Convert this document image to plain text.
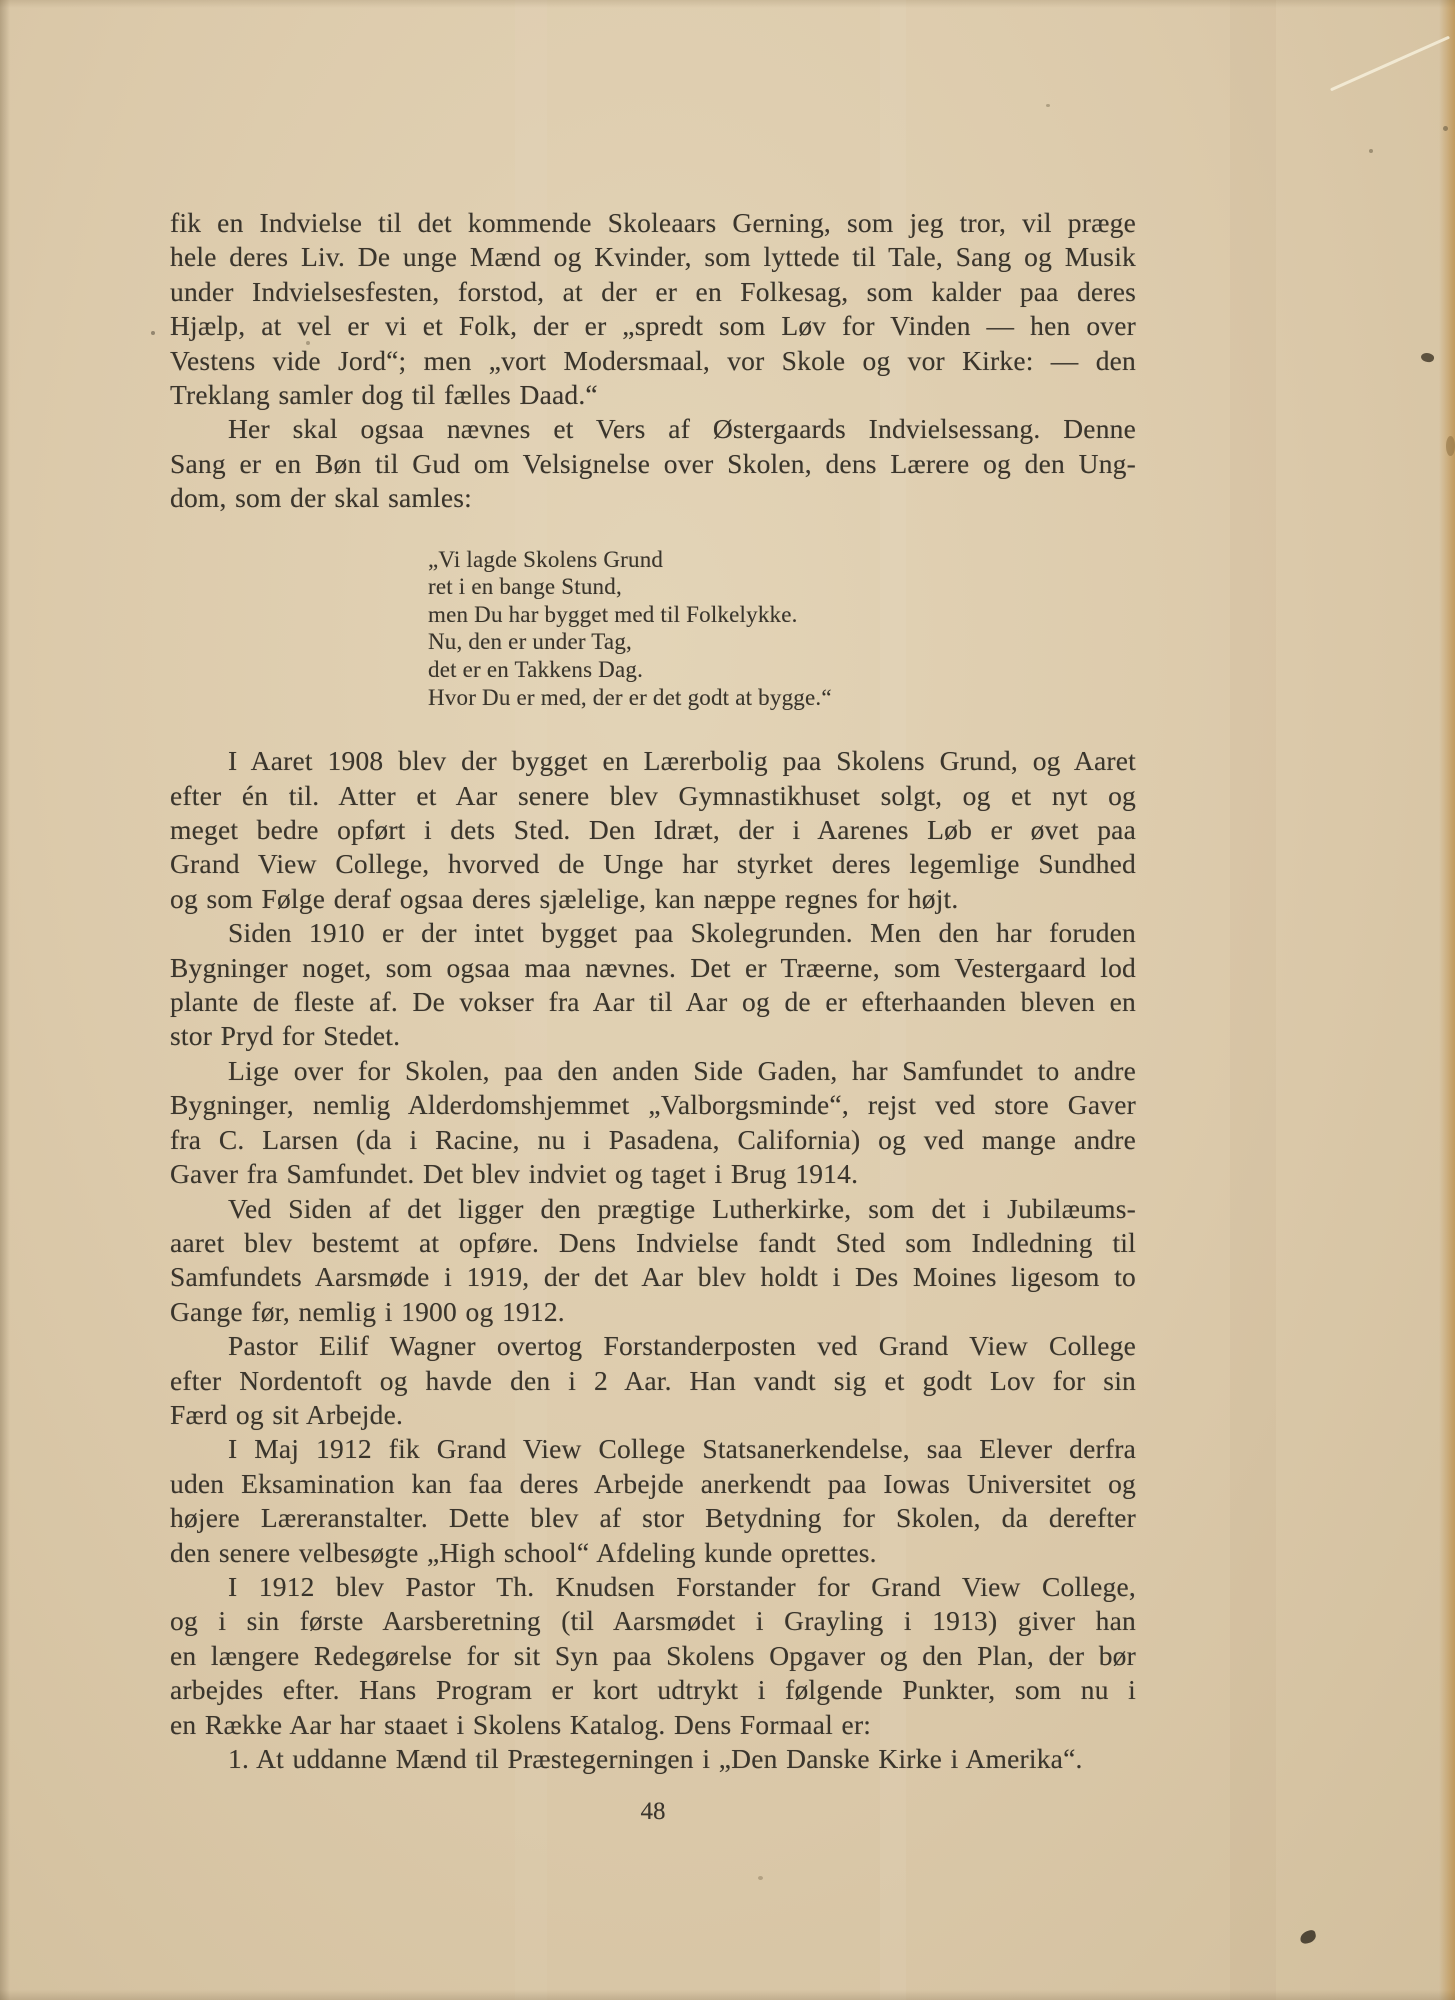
fik en Indvielse til det kommende Skoleaars Gerning, som jeg tror, vil præge
hele deres Liv. De unge Mænd og Kvinder, som lyttede til Tale, Sang og Musik
under Indvielsesfesten, forstod, at der er en Folkesag, som kalder paa deres
Hjælp, at vel er vi et Folk, der er „spredt som Løv for Vinden — hen over
Vestens vide Jord“; men „vort Modersmaal, vor Skole og vor Kirke: — den
Treklang samler dog til fælles Daad.“
Her skal ogsaa nævnes et Vers af Østergaards Indvielsessang. Denne
Sang er en Bøn til Gud om Velsignelse over Skolen, dens Lærere og den Ung-
dom, som der skal samles:
„Vi lagde Skolens Grund
ret i en bange Stund,
men Du har bygget med til Folkelykke.
Nu, den er under Tag,
det er en Takkens Dag.
Hvor Du er med, der er det godt at bygge.“
I Aaret 1908 blev der bygget en Lærerbolig paa Skolens Grund, og Aaret
efter én til. Atter et Aar senere blev Gymnastikhuset solgt, og et nyt og
meget bedre opført i dets Sted. Den Idræt, der i Aarenes Løb er øvet paa
Grand View College, hvorved de Unge har styrket deres legemlige Sundhed
og som Følge deraf ogsaa deres sjælelige, kan næppe regnes for højt.
Siden 1910 er der intet bygget paa Skolegrunden. Men den har foruden
Bygninger noget, som ogsaa maa nævnes. Det er Træerne, som Vestergaard lod
plante de fleste af. De vokser fra Aar til Aar og de er efterhaanden bleven en
stor Pryd for Stedet.
Lige over for Skolen, paa den anden Side Gaden, har Samfundet to andre
Bygninger, nemlig Alderdomshjemmet „Valborgsminde“, rejst ved store Gaver
fra C. Larsen (da i Racine, nu i Pasadena, California) og ved mange andre
Gaver fra Samfundet. Det blev indviet og taget i Brug 1914.
Ved Siden af det ligger den prægtige Lutherkirke, som det i Jubilæums-
aaret blev bestemt at opføre. Dens Indvielse fandt Sted som Indledning til
Samfundets Aarsmøde i 1919, der det Aar blev holdt i Des Moines ligesom to
Gange før, nemlig i 1900 og 1912.
Pastor Eilif Wagner overtog Forstanderposten ved Grand View College
efter Nordentoft og havde den i 2 Aar. Han vandt sig et godt Lov for sin
Færd og sit Arbejde.
I Maj 1912 fik Grand View College Statsanerkendelse, saa Elever derfra
uden Eksamination kan faa deres Arbejde anerkendt paa Iowas Universitet og
højere Læreranstalter. Dette blev af stor Betydning for Skolen, da derefter
den senere velbesøgte „High school“ Afdeling kunde oprettes.
I 1912 blev Pastor Th. Knudsen Forstander for Grand View College,
og i sin første Aarsberetning (til Aarsmødet i Grayling i 1913) giver han
en længere Redegørelse for sit Syn paa Skolens Opgaver og den Plan, der bør
arbejdes efter. Hans Program er kort udtrykt i følgende Punkter, som nu i
en Række Aar har staaet i Skolens Katalog. Dens Formaal er:
1. At uddanne Mænd til Præstegerningen i „Den Danske Kirke i Amerika“.
48
